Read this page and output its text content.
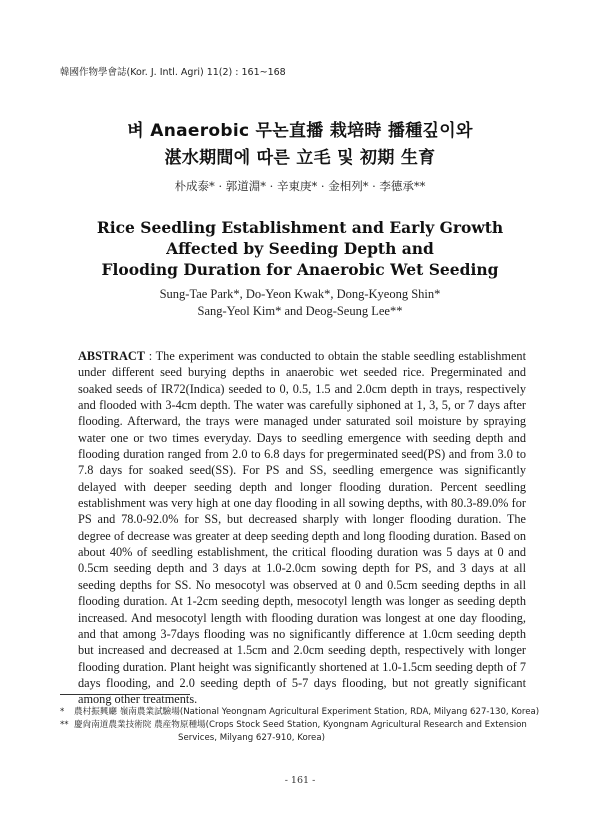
韓國作物學會誌(Kor. J. Intl. Agri) 11(2) : 161~168
벼 Anaerobic 무논直播 栽培時 播種깊이와
湛水期間에 따른 立毛 및 初期 生育
朴成泰* · 郭道淵* · 辛東庚* · 金相列* · 李德承**
Rice Seedling Establishment and Early Growth
Affected by Seeding Depth and
Flooding Duration for Anaerobic Wet Seeding
Sung-Tae Park*, Do-Yeon Kwak*, Dong-Kyeong Shin*
Sang-Yeol Kim* and Deog-Seung Lee**
ABSTRACT : The experiment was conducted to obtain the stable seedling establishment under different seed burying depths in anaerobic wet seeded rice. Pregerminated and soaked seeds of IR72(Indica) seeded to 0, 0.5, 1.5 and 2.0cm depth in trays, respectively and flooded with 3-4cm depth. The water was carefully siphoned at 1, 3, 5, or 7 days after flooding. Afterward, the trays were managed under saturated soil moisture by spraying water one or two times everyday. Days to seedling emergence with seeding depth and flooding duration ranged from 2.0 to 6.8 days for pregerminated seed(PS) and from 3.0 to 7.8 days for soaked seed(SS). For PS and SS, seedling emergence was significantly delayed with deeper seeding depth and longer flooding duration. Percent seedling establishment was very high at one day flooding in all sowing depths, with 80.3-89.0% for PS and 78.0-92.0% for SS, but decreased sharply with longer flooding duration. The degree of decrease was greater at deep seeding depth and long flooding duration. Based on about 40% of seedling establishment, the critical flooding duration was 5 days at 0 and 0.5cm seeding depth and 3 days at 1.0-2.0cm sowing depth for PS, and 3 days at all seeding depths for SS. No mesocotyl was observed at 0 and 0.5cm seeding depths in all flooding duration. At 1-2cm seeding depth, mesocotyl length was longer as seeding depth increased. And mesocotyl length with flooding duration was longest at one day flooding, and that among 3-7days flooding was no significantly difference at 1.0cm seeding depth but increased and decreased at 1.5cm and 2.0cm seeding depth, respectively with longer flooding duration. Plant height was significantly shortened at 1.0-1.5cm seeding depth of 7 days flooding, and 2.0 seeding depth of 5-7 days flooding, but not greatly significant among other treatments.
* 農村振興廳 嶺南農業試驗場(National Yeongnam Agricultural Experiment Station, RDA, Milyang 627-130, Korea)
** 慶尙南道農業技術院 農産物原種場(Crops Stock Seed Station, Kyongnam Agricultural Research and Extension
Services, Milyang 627-910, Korea)
- 161 -
